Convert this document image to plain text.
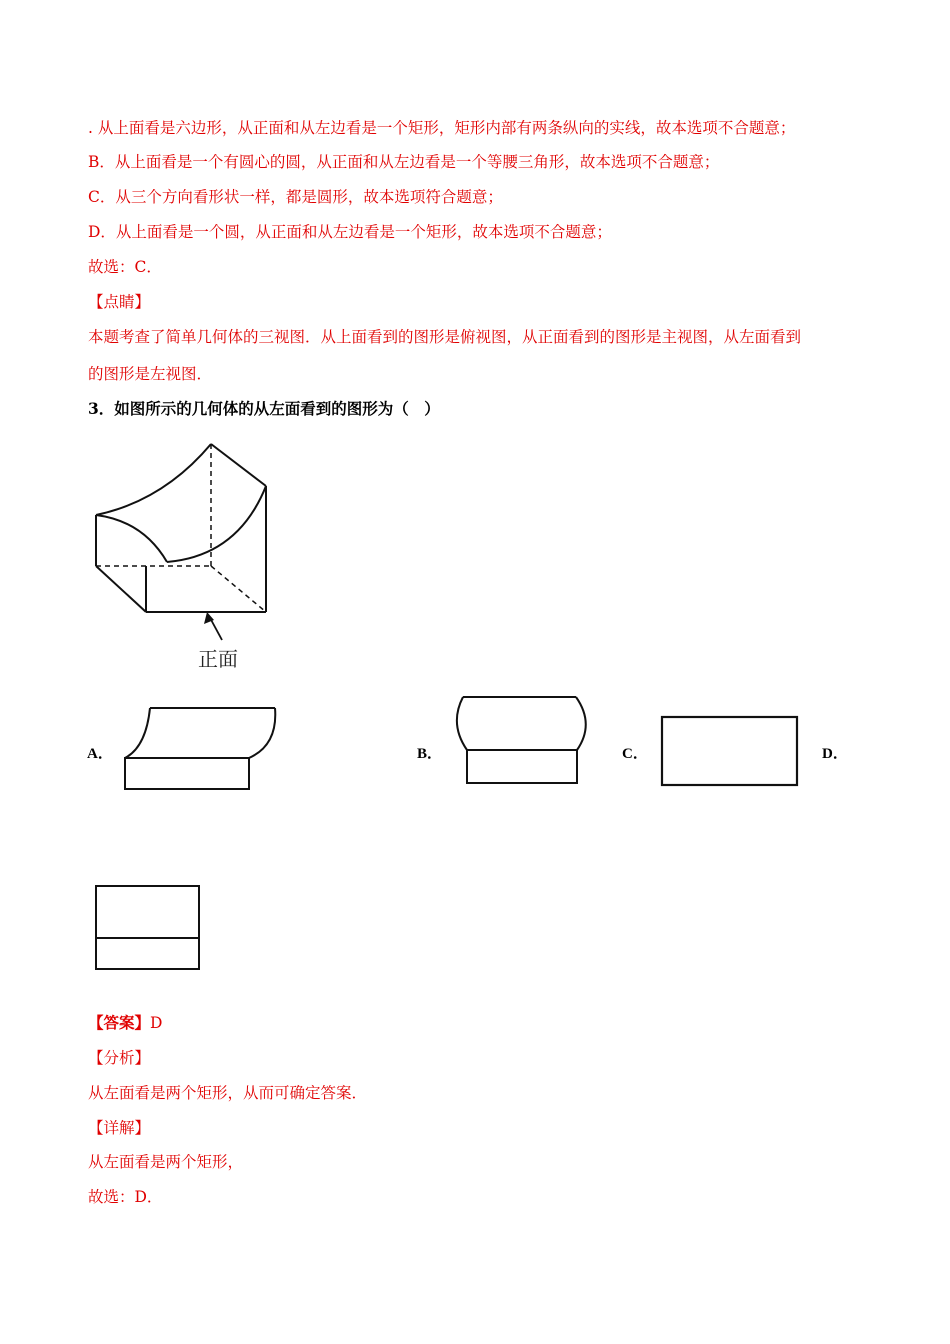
. 从上面看是六边形，从正面和从左边看是一个矩形，矩形内部有两条纵向的实线，故本选项不合题意；
B．从上面看是一个有圆心的圆，从正面和从左边看是一个等腰三角形，故本选项不合题意；
C．从三个方向看形状一样，都是圆形，故本选项符合题意；
D．从上面看是一个圆，从正面和从左边看是一个矩形，故本选项不合题意；
故选：C．
【点睛】
本题考查了简单几何体的三视图．从上面看到的图形是俯视图，从正面看到的图形是主视图，从左面看到
的图形是左视图．
3．如图所示的几何体的从左面看到的图形为（　）
正面
A．	B．	C．	D．
【答案】D
【分析】
从左面看是两个矩形，从而可确定答案．
【详解】
从左面看是两个矩形，
故选：D．
